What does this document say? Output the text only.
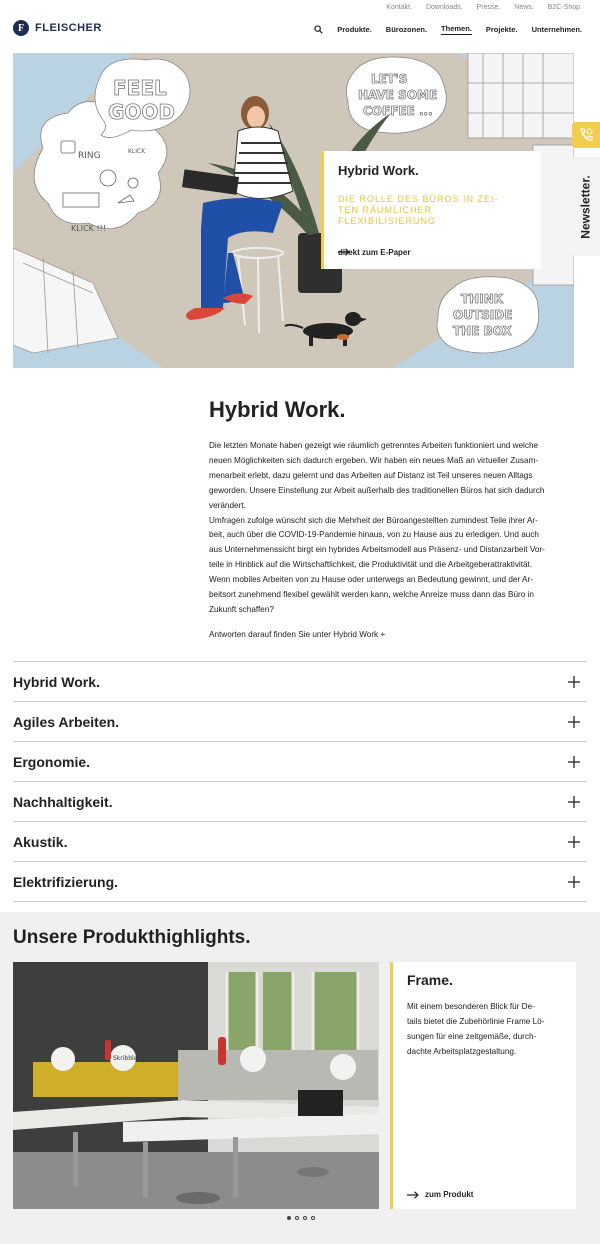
Kontakt. Downloads. Presse. News. B2C-Shop.
F FLEISCHER	Produkte. Bürozonen. Themen. Projekte. Unternehmen.
FEEL
GOOD
LET'S
HAVE SOME
COFFEE ...
THINK
OUTSIDE
THE BOX
RING	KLICK
KLICK !!!
Hybrid Work.
DIE ROLLE DES BÜROS IN ZEI-
TEN RÄUMLICHER
FLEXIBILISIERUNG
direkt zum E-Paper
Newsletter.
Hybrid Work.

Die letzten Monate haben gezeigt wie räumlich getrenntes Arbeiten funktioniert und welche
neuen Möglichkeiten sich dadurch ergeben. Wir haben ein neues Maß an virtueller Zusam-
menarbeit erlebt, dazu gelernt und das Arbeiten auf Distanz ist Teil unseres neuen Alltags
geworden. Unsere Einstellung zur Arbeit außerhalb des traditionellen Büros hat sich dadurch
verändert.
Umfragen zufolge wünscht sich die Mehrheit der Büroangestellten zumindest Teile ihrer Ar-
beit, auch über die COVID-19-Pandemie hinaus, von zu Hause aus zu erledigen. Und auch
aus Unternehmenssicht birgt ein hybrides Arbeitsmodell aus Präsenz- und Distanzarbeit Vor-
teile in Hinblick auf die Wirtschaftlichkeit, die Produktivität und die Arbeitgeberattraktivität.
Wenn mobiles Arbeiten von zu Hause oder unterwegs an Bedeutung gewinnt, und der Ar-
beitsort zunehmend flexibel gewählt werden kann, welche Anreize muss dann das Büro in
Zukunft schaffen?

Antworten darauf finden Sie unter Hybrid Work +
Hybrid Work.
Agiles Arbeiten.
Ergonomie.
Nachhaltigkeit.
Akustik.
Elektrifizierung.
Unsere Produkthighlights.
Skribble
Frame.
Mit einem besonderen Blick für De-
tails bietet die Zubehörlinie Frame Lö-
sungen für eine zeitgemäße, durch-
dachte Arbeitsplatzgestaltung.
zum Produkt
